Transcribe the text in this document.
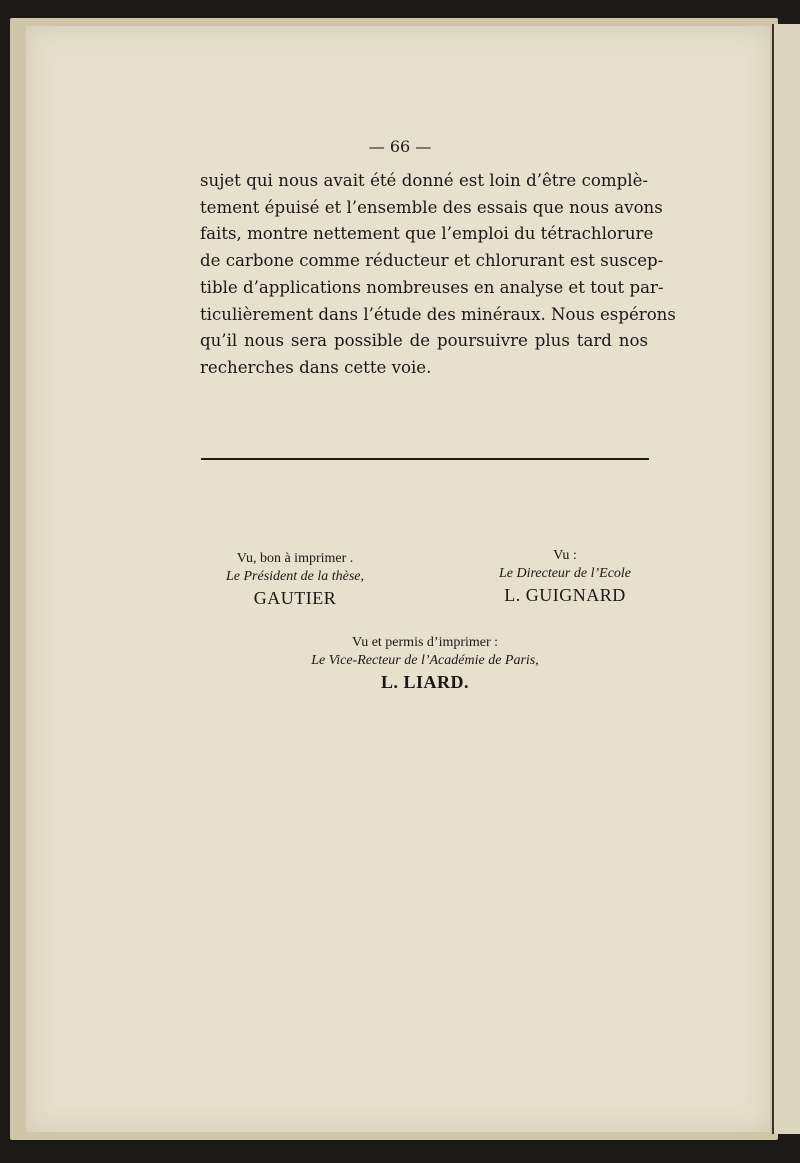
— 66 —
sujet qui nous avait été donné est loin d’être complè-
tement épuisé et l’ensemble des essais que nous avons
faits, montre nettement que l’emploi du tétrachlorure
de carbone comme réducteur et chlorurant est suscep-
tible d’applications nombreuses en analyse et tout par-
ticulièrement dans l’étude des minéraux. Nous espérons
qu’il nous sera possible de poursuivre plus tard nos
recherches dans cette voie.
Vu, bon à imprimer .
Le Président de la thèse,
GAUTIER
Vu :
Le Directeur de l’Ecole
L. GUIGNARD
Vu et permis d’imprimer :
Le Vice-Recteur de l’Académie de Paris,
L. LIARD.
